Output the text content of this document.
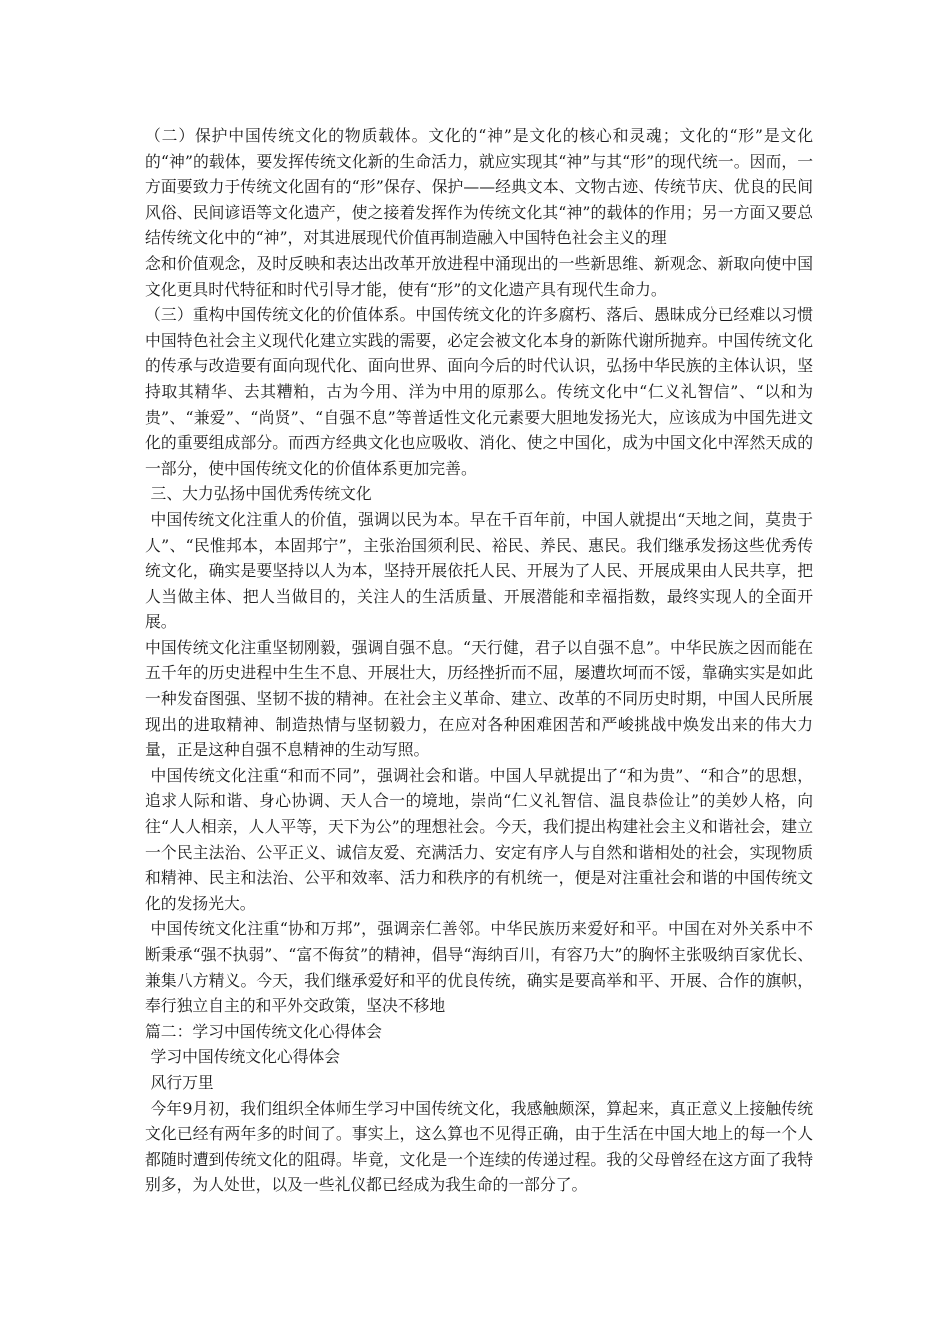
（二）保护中国传统文化的物质载体。文化的“神”是文化的核心和灵魂；文化的“形”是文化的“神”的载体，要发挥传统文化新的生命活力，就应实现其“神”与其“形”的现代统一。因而，一方面要致力于传统文化固有的“形”保存、保护——经典文本、文物古迹、传统节庆、优良的民间风俗、民间谚语等文化遗产，使之接着发挥作为传统文化其“神”的载体的作用；另一方面又要总结传统文化中的“神”，对其进展现代价值再制造融入中国特色社会主义的理

念和价值观念，及时反映和表达出改革开放进程中涌现出的一些新思维、新观念、新取向使中国文化更具时代特征和时代引导才能，使有“形”的文化遗产具有现代生命力。

（三）重构中国传统文化的价值体系。中国传统文化的许多腐朽、落后、愚昧成分已经难以习惯中国特色社会主义现代化建立实践的需要，必定会被文化本身的新陈代谢所抛弃。中国传统文化的传承与改造要有面向现代化、面向世界、面向今后的时代认识，弘扬中华民族的主体认识，坚持取其精华、去其糟粕，古为今用、洋为中用的原那么。传统文化中“仁义礼智信”、“以和为贵”、“兼爱”、“尚贤”、“自强不息”等普适性文化元素要大胆地发扬光大，应该成为中国先进文化的重要组成部分。而西方经典文化也应吸收、消化、使之中国化，成为中国文化中浑然天成的一部分，使中国传统文化的价值体系更加完善。

三、大力弘扬中国优秀传统文化

中国传统文化注重人的价值，强调以民为本。早在千百年前，中国人就提出“天地之间，莫贵于人”、“民惟邦本，本固邦宁”，主张治国须利民、裕民、养民、惠民。我们继承发扬这些优秀传统文化，确实是要坚持以人为本，坚持开展依托人民、开展为了人民、开展成果由人民共享，把人当做主体、把人当做目的，关注人的生活质量、开展潜能和幸福指数，最终实现人的全面开展。

中国传统文化注重坚韧刚毅，强调自强不息。“天行健，君子以自强不息”。中华民族之因而能在五千年的历史进程中生生不息、开展壮大，历经挫折而不屈，屡遭坎坷而不馁，靠确实实是如此一种发奋图强、坚韧不拔的精神。在社会主义革命、建立、改革的不同历史时期，中国人民所展现出的进取精神、制造热情与坚韧毅力，在应对各种困难困苦和严峻挑战中焕发出来的伟大力量，正是这种自强不息精神的生动写照。

中国传统文化注重“和而不同”，强调社会和谐。中国人早就提出了“和为贵”、“和合”的思想，追求人际和谐、身心协调、天人合一的境地，崇尚“仁义礼智信、温良恭俭让”的美妙人格，向往“人人相亲，人人平等，天下为公”的理想社会。今天，我们提出构建社会主义和谐社会，建立一个民主法治、公平正义、诚信友爱、充满活力、安定有序人与自然和谐相处的社会，实现物质和精神、民主和法治、公平和效率、活力和秩序的有机统一，便是对注重社会和谐的中国传统文化的发扬光大。

中国传统文化注重“协和万邦”，强调亲仁善邻。中华民族历来爱好和平。中国在对外关系中不断秉承“强不执弱”、“富不侮贫”的精神，倡导“海纳百川，有容乃大”的胸怀主张吸纳百家优长、兼集八方精义。今天，我们继承爱好和平的优良传统，确实是要高举和平、开展、合作的旗帜，奉行独立自主的和平外交政策，坚决不移地

篇二：学习中国传统文化心得体会

学习中国传统文化心得体会

风行万里

今年9月初，我们组织全体师生学习中国传统文化，我感触颇深，算起来，真正意义上接触传统文化已经有两年多的时间了。事实上，这么算也不见得正确，由于生活在中国大地上的每一个人都随时遭到传统文化的阻碍。毕竟，文化是一个连续的传递过程。我的父母曾经在这方面了我特别多，为人处世，以及一些礼仪都已经成为我生命的一部分了。
